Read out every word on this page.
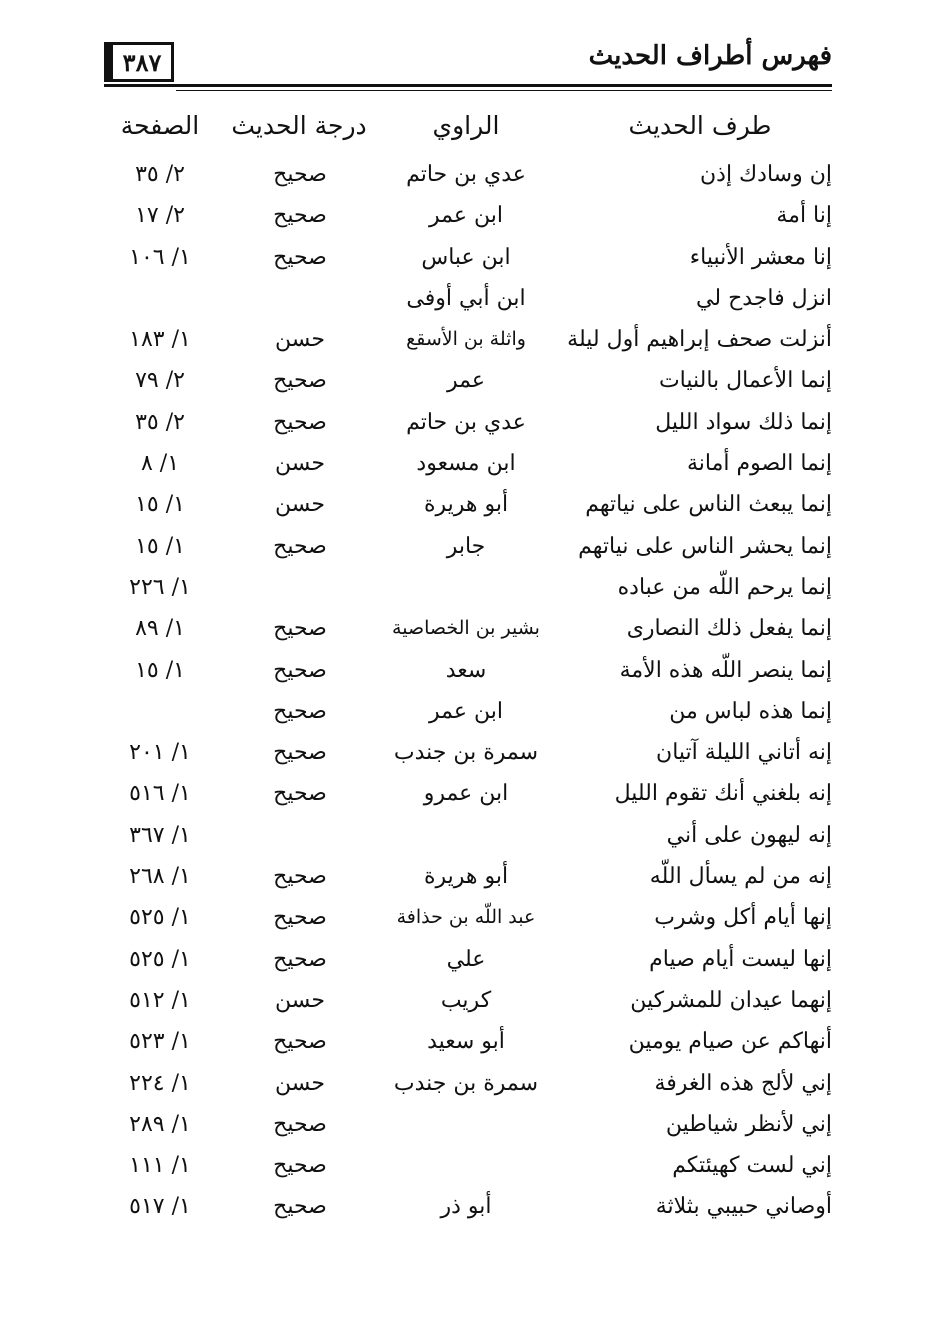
فهرس أطراف الحديث
٣٨٧
طرف الحديث
الراوي
درجة الحديث
الصفحة
إن وسادك إذن
عدي بن حاتم
صحيح
٢/ ٣٥
إنا أمة
ابن عمر
صحيح
٢/ ١٧
إنا معشر الأنبياء
ابن عباس
صحيح
١/ ١٠٦
انزل فاجدح لي
ابن أبي أوفى
أنزلت صحف إبراهيم أول ليلة
واثلة بن الأسقع
حسن
١/ ١٨٣
إنما الأعمال بالنيات
عمر
صحيح
٢/ ٧٩
إنما ذلك سواد الليل
عدي بن حاتم
صحيح
٢/ ٣٥
إنما الصوم أمانة
ابن مسعود
حسن
١/ ٨
إنما يبعث الناس على نياتهم
أبو هريرة
حسن
١/ ١٥
إنما يحشر الناس على نياتهم
جابر
صحيح
١/ ١٥
إنما يرحم اللّه من عباده
١/ ٢٢٦
إنما يفعل ذلك النصارى
بشير بن الخصاصية
صحيح
١/ ٨٩
إنما ينصر اللّه هذه الأمة
سعد
صحيح
١/ ١٥
إنما هذه لباس من
ابن عمر
صحيح
إنه أتاني الليلة آتيان
سمرة بن جندب
صحيح
١/ ٢٠١
إنه بلغني أنك تقوم الليل
ابن عمرو
صحيح
١/ ٥١٦
إنه ليهون على أني
١/ ٣٦٧
إنه من لم يسأل اللّه
أبو هريرة
صحيح
١/ ٢٦٨
إنها أيام أكل وشرب
عبد اللّه بن حذافة
صحيح
١/ ٥٢٥
إنها ليست أيام صيام
علي
صحيح
١/ ٥٢٥
إنهما عيدان للمشركين
كريب
حسن
١/ ٥١٢
أنهاكم عن صيام يومين
أبو سعيد
صحيح
١/ ٥٢٣
إني لألج هذه الغرفة
سمرة بن جندب
حسن
١/ ٢٢٤
إني لأنظر شياطين
صحيح
١/ ٢٨٩
إني لست كهيئتكم
صحيح
١/ ١١١
أوصاني حبيبي بثلاثة
أبو ذر
صحيح
١/ ٥١٧
